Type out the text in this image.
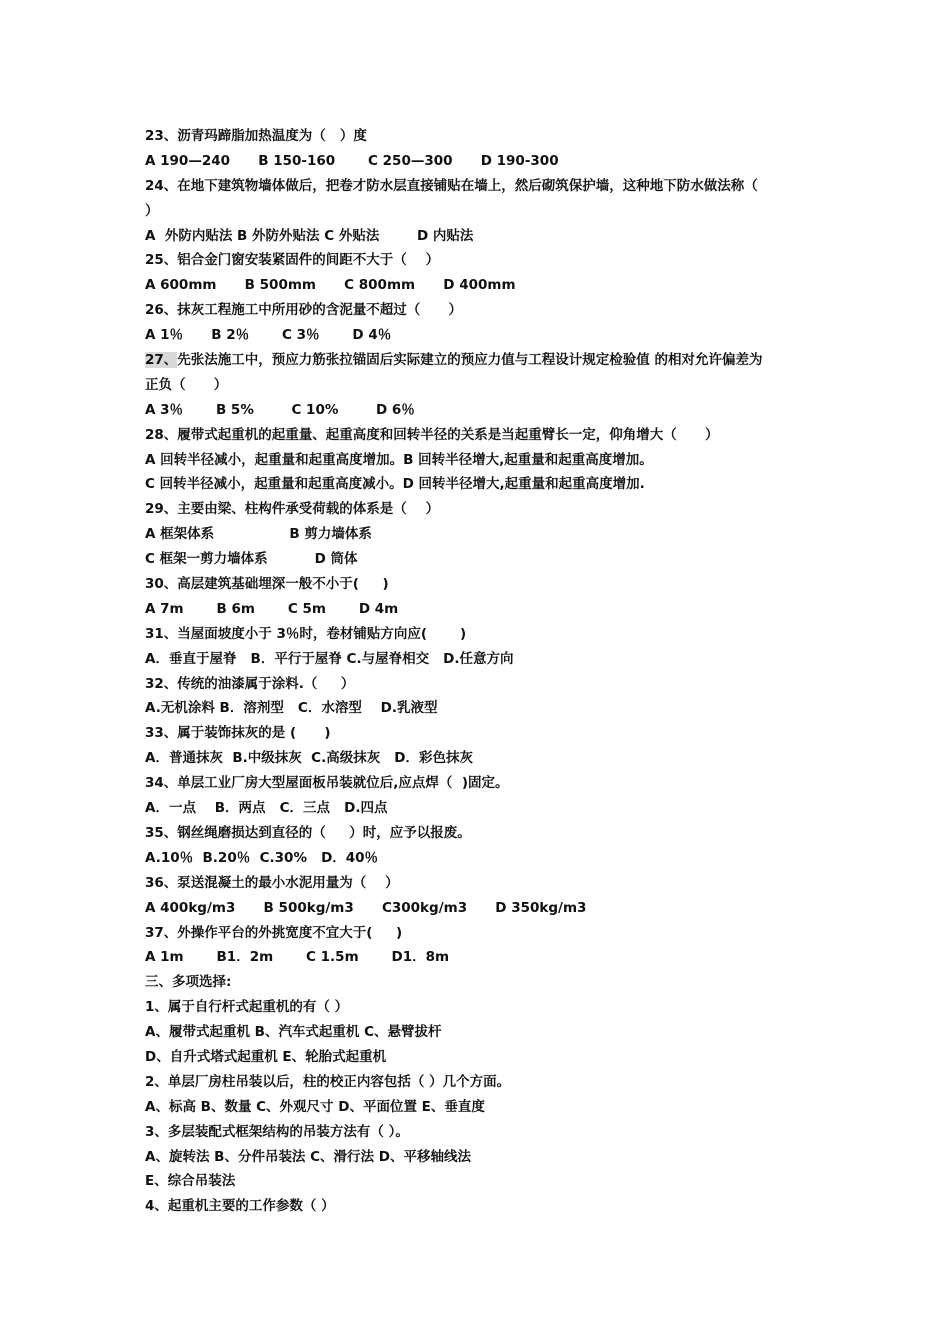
23、沥青玛蹄脂加热温度为（   ）度
A 190—240      B 150-160       C 250—300      D 190-300
24、在地下建筑物墙体做后，把卷才防水层直接铺贴在墙上，然后砌筑保护墙，这种地下防水做法称（
）
A  外防内贴法 B 外防外贴法 C 外贴法        D 内贴法
25、铝合金门窗安装紧固件的间距不大于（    ）
A 600mm      B 500mm      C 800mm      D 400mm
26、抹灰工程施工中所用砂的含泥量不超过（      ）
A 1％      B 2％       C 3％       D 4％
27、先张法施工中，预应力筋张拉锚固后实际建立的预应力值与工程设计规定检验值 的相对允许偏差为
正负（      ）
A 3％       B 5%        C 10%        D 6％
28、履带式起重机的起重量、起重高度和回转半径的关系是当起重臂长一定，仰角增大（      ）
A 回转半径减小，起重量和起重高度增加。B 回转半径增大,起重量和起重高度增加。
C 回转半径减小，起重量和起重高度减小。D 回转半径增大,起重量和起重高度增加.
29、主要由梁、柱构件承受荷载的体系是（    ）
A 框架体系                B 剪力墙体系
C 框架一剪力墙体系          D 筒体
30、高层建筑基础埋深一般不小于(     )
A 7m       B 6m       C 5m       D 4m
31、当屋面坡度小于 3％时，卷材铺贴方向应(       )
A．垂直于屋脊   B．平行于屋脊 C.与屋脊相交   D.任意方向
32、传统的油漆属于涂料.（     ）
A.无机涂料 B．溶剂型   C．水溶型    D.乳液型
33、属于装饰抹灰的是 (      )
A．普通抹灰  B.中级抹灰  C.高级抹灰   D．彩色抹灰
34、单层工业厂房大型屋面板吊装就位后,应点焊（  )固定。
A．一点    B．两点   C．三点   D.四点
35、钢丝绳磨损达到直径的（     ）时，应予以报废。
A.10％  B.20％  C.30%   D．40％
36、泵送混凝土的最小水泥用量为（    ）
A 400kg/m3      B 500kg/m3      C300kg/m3      D 350kg/m3
37、外操作平台的外挑宽度不宜大于(     )
A 1m       B1．2m       C 1.5m       D1．8m
三、多项选择:
1、属于自行杆式起重机的有（ ）
A、履带式起重机 B、汽车式起重机 C、悬臂拔杆
D、自升式塔式起重机 E、轮胎式起重机
2、单层厂房柱吊装以后，柱的校正内容包括（ ）几个方面。
A、标高 B、数量 C、外观尺寸 D、平面位置 E、垂直度
3、多层装配式框架结构的吊装方法有（ ）。
A、旋转法 B、分件吊装法 C、滑行法 D、平移轴线法
E、综合吊装法
4、起重机主要的工作参数（ ）
